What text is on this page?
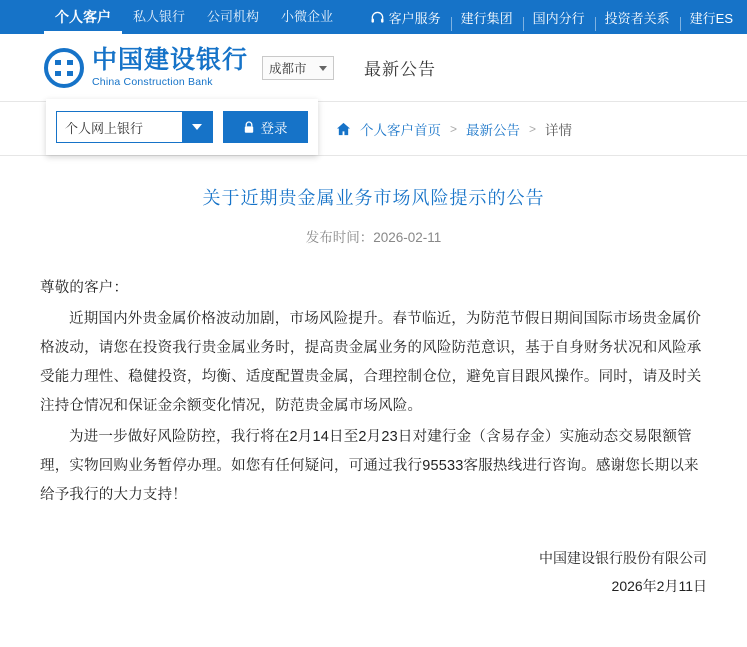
个人客户	私人银行	公司机构	小微企业	客户服务	建行集团	国内分行	投资者关系	建行ES
中国建设银行
China Construction Bank
成都市	最新公告
个人网上银行	登录	个人客户首页 > 最新公告 > 详情
关于近期贵金属业务市场风险提示的公告
发布时间：2026-02-11

尊敬的客户：

近期国内外贵金属价格波动加剧，市场风险提升。春节临近，为防范节假日期间国际市场贵金属价格波动，请您在投资我行贵金属业务时，提高贵金属业务的风险防范意识，基于自身财务状况和风险承受能力理性、稳健投资，均衡、适度配置贵金属，合理控制仓位，避免盲目跟风操作。同时，请及时关注持仓情况和保证金余额变化情况，防范贵金属市场风险。

为进一步做好风险防控，我行将在2月14日至2月23日对建行金（含易存金）实施动态交易限额管理，实物回购业务暂停办理。如您有任何疑问，可通过我行95533客服热线进行咨询。感谢您长期以来给予我行的大力支持！

中国建设银行股份有限公司
2026年2月11日
